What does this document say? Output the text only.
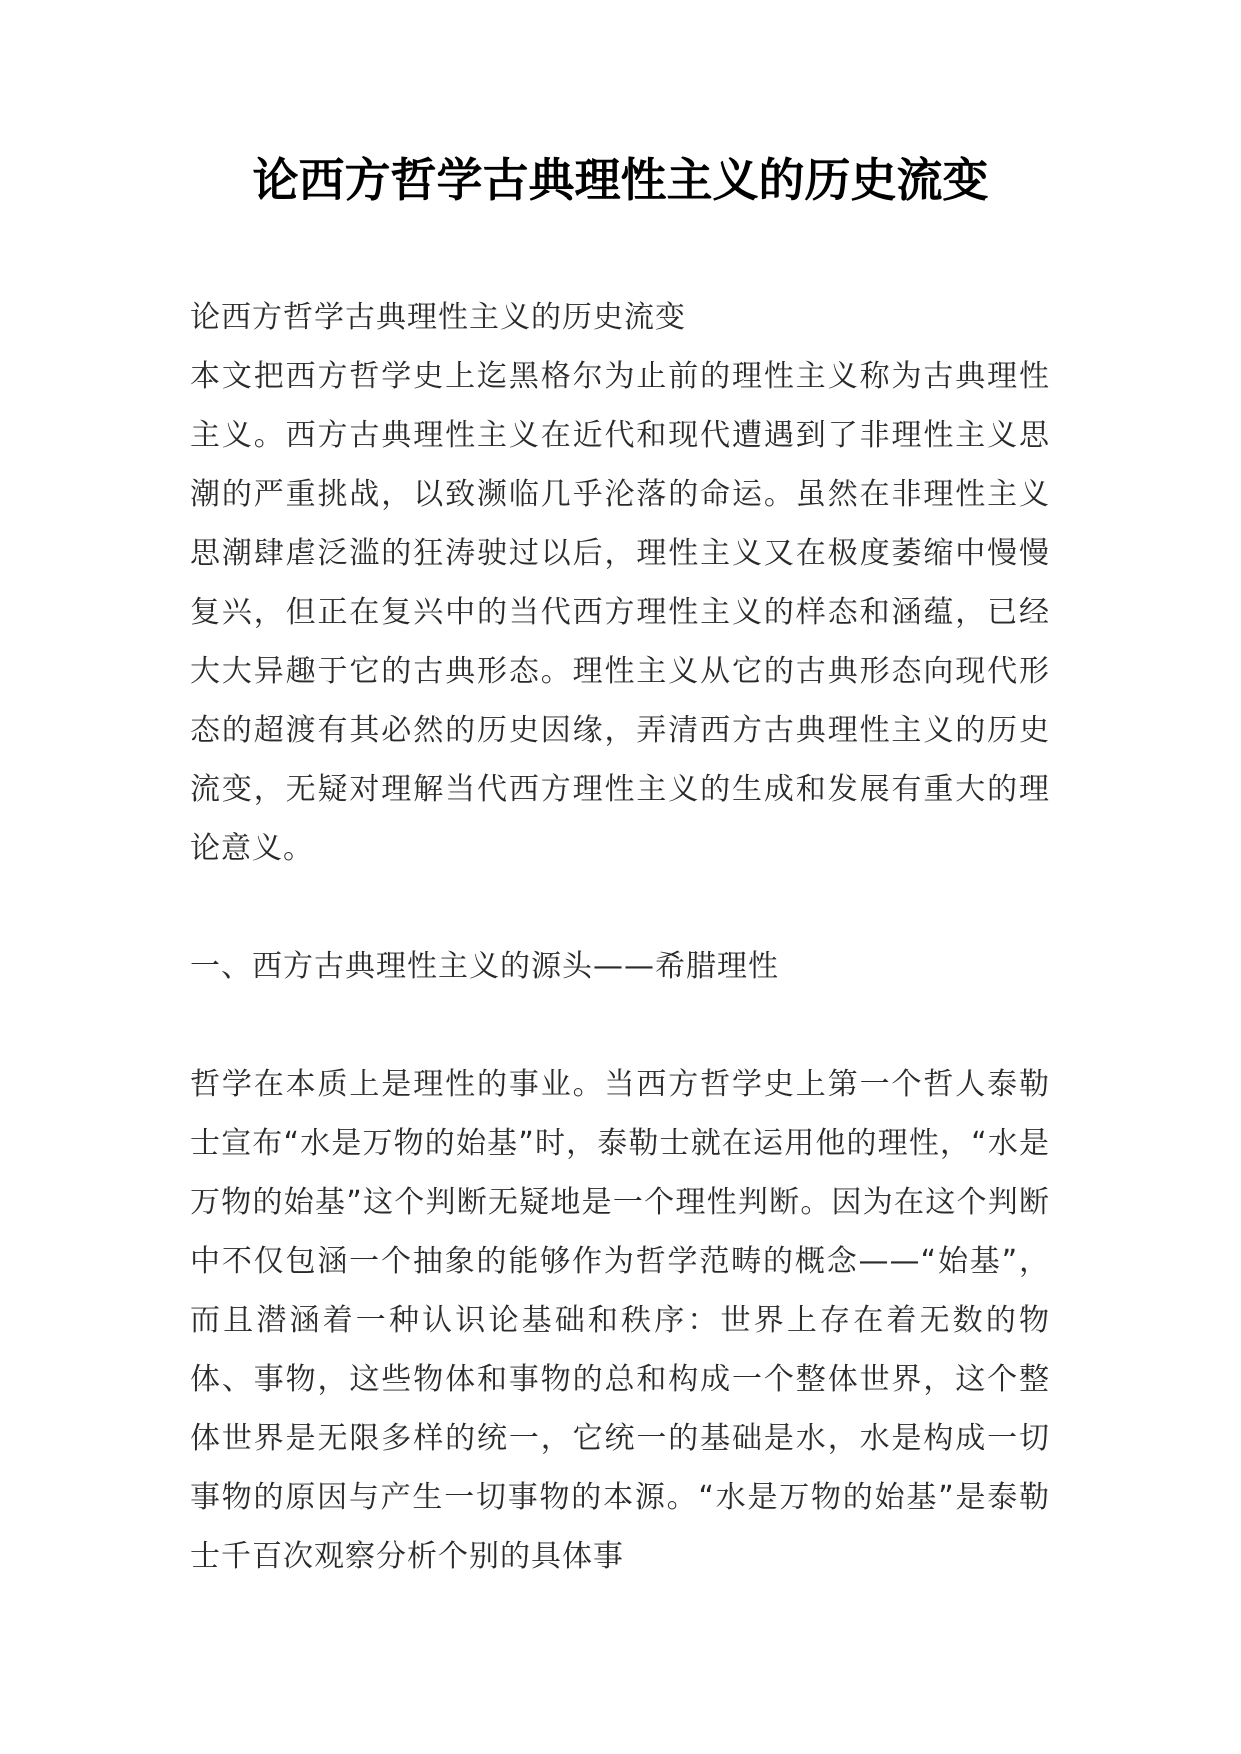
论西方哲学古典理性主义的历史流变

论西方哲学古典理性主义的历史流变

本文把西方哲学史上迄黑格尔为止前的理性主义称为古典理性主义。西方古典理性主义在近代和现代遭遇到了非理性主义思潮的严重挑战，以致濒临几乎沦落的命运。虽然在非理性主义思潮肆虐泛滥的狂涛驶过以后，理性主义又在极度萎缩中慢慢复兴，但正在复兴中的当代西方理性主义的样态和涵蕴，已经大大异趣于它的古典形态。理性主义从它的古典形态向现代形态的超渡有其必然的历史因缘，弄清西方古典理性主义的历史流变，无疑对理解当代西方理性主义的生成和发展有重大的理论意义。

一、西方古典理性主义的源头——希腊理性

哲学在本质上是理性的事业。当西方哲学史上第一个哲人泰勒士宣布“水是万物的始基”时，泰勒士就在运用他的理性，“水是万物的始基”这个判断无疑地是一个理性判断。因为在这个判断中不仅包涵一个抽象的能够作为哲学范畴的概念——“始基”，而且潜涵着一种认识论基础和秩序：世界上存在着无数的物体、事物，这些物体和事物的总和构成一个整体世界，这个整体世界是无限多样的统一，它统一的基础是水，水是构成一切事物的原因与产生一切事物的本源。“水是万物的始基”是泰勒士千百次观察分析个别的具体事
